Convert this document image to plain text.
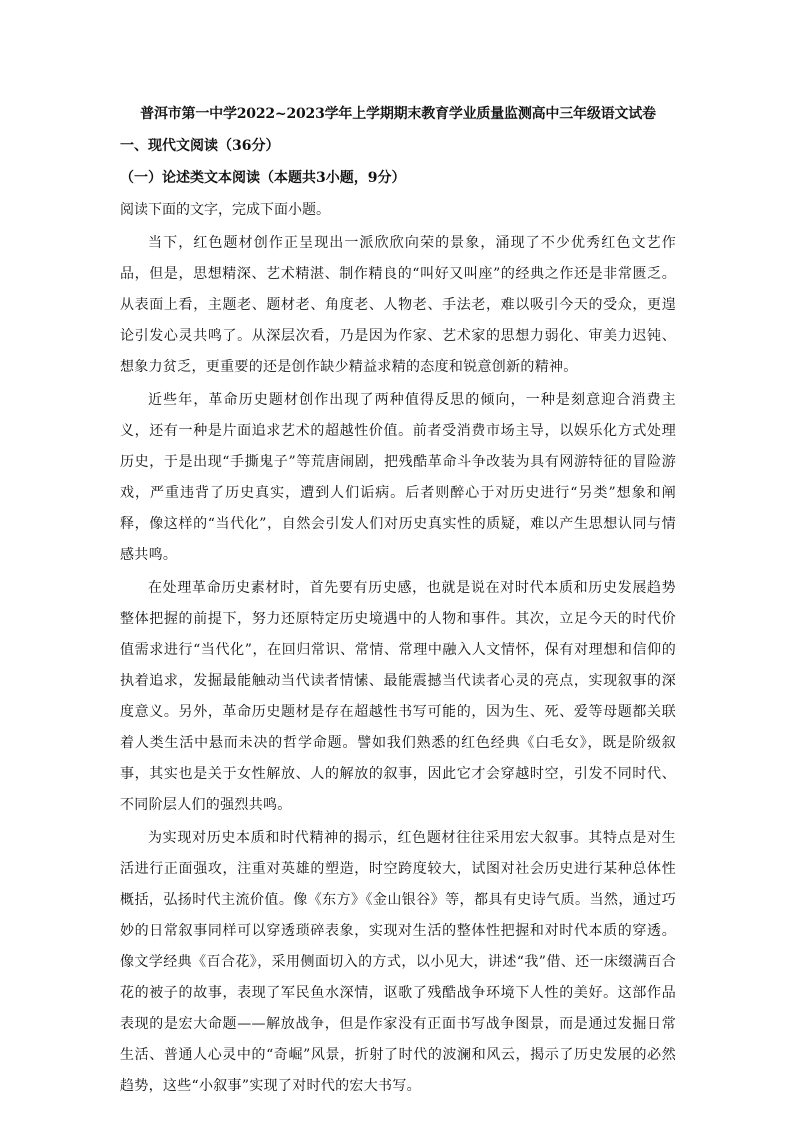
普洱市第一中学2022~2023学年上学期期末教育学业质量监测高中三年级语文试卷
一、现代文阅读（36分）
（一）论述类文本阅读（本题共3小题，9分）
阅读下面的文字，完成下面小题。

当下，红色题材创作正呈现出一派欣欣向荣的景象，涌现了不少优秀红色文艺作品，但是，思想精深、艺术精湛、制作精良的“叫好又叫座”的经典之作还是非常匮乏。从表面上看，主题老、题材老、角度老、人物老、手法老，难以吸引今天的受众，更遑论引发心灵共鸣了。从深层次看，乃是因为作家、艺术家的思想力弱化、审美力迟钝、想象力贫乏，更重要的还是创作缺少精益求精的态度和锐意创新的精神。

近些年，革命历史题材创作出现了两种值得反思的倾向，一种是刻意迎合消费主义，还有一种是片面追求艺术的超越性价值。前者受消费市场主导，以娱乐化方式处理历史，于是出现“手撕鬼子”等荒唐闹剧，把残酷革命斗争改装为具有网游特征的冒险游戏，严重违背了历史真实，遭到人们诟病。后者则醉心于对历史进行“另类”想象和阐释，像这样的“当代化”，自然会引发人们对历史真实性的质疑，难以产生思想认同与情感共鸣。

在处理革命历史素材时，首先要有历史感，也就是说在对时代本质和历史发展趋势整体把握的前提下，努力还原特定历史境遇中的人物和事件。其次，立足今天的时代价值需求进行“当代化”，在回归常识、常情、常理中融入人文情怀，保有对理想和信仰的执着追求，发掘最能触动当代读者情愫、最能震撼当代读者心灵的亮点，实现叙事的深度意义。另外，革命历史题材是存在超越性书写可能的，因为生、死、爱等母题都关联着人类生活中悬而未决的哲学命题。譬如我们熟悉的红色经典《白毛女》，既是阶级叙事，其实也是关于女性解放、人的解放的叙事，因此它才会穿越时空，引发不同时代、不同阶层人们的强烈共鸣。

为实现对历史本质和时代精神的揭示，红色题材往往采用宏大叙事。其特点是对生活进行正面强攻，注重对英雄的塑造，时空跨度较大，试图对社会历史进行某种总体性概括，弘扬时代主流价值。像《东方》《金山银谷》等，都具有史诗气质。当然，通过巧妙的日常叙事同样可以穿透琐碎表象，实现对生活的整体性把握和对时代本质的穿透。像文学经典《百合花》，采用侧面切入的方式，以小见大，讲述“我”借、还一床缀满百合花的被子的故事，表现了军民鱼水深情，讴歌了残酷战争环境下人性的美好。这部作品表现的是宏大命题——解放战争，但是作家没有正面书写战争图景，而是通过发掘日常生活、普通人心灵中的“奇崛”风景，折射了时代的波澜和风云，揭示了历史发展的必然趋势，这些“小叙事”实现了对时代的宏大书写。
